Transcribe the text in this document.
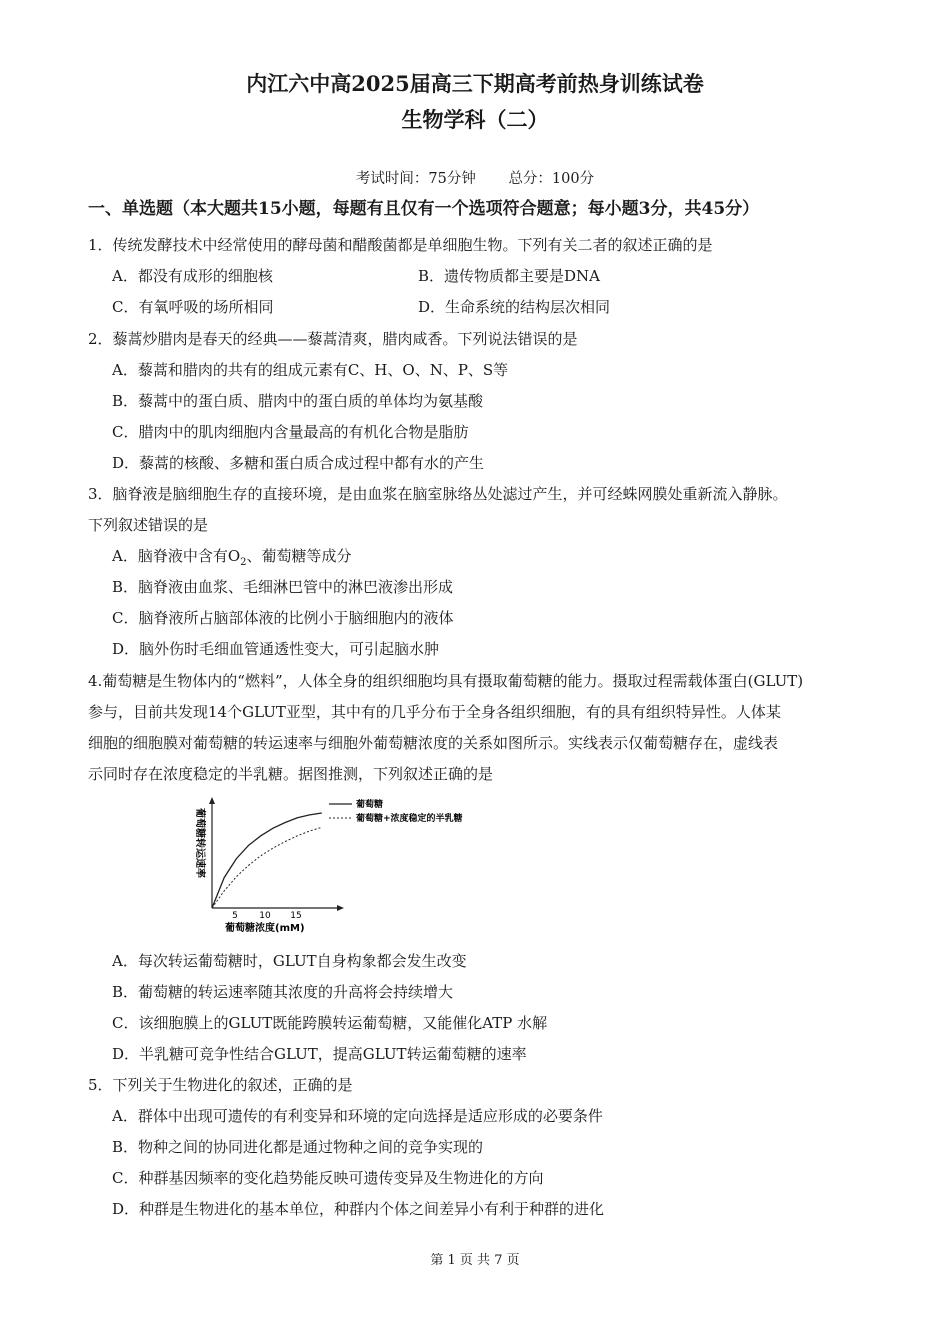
内江六中高2025届高三下期高考前热身训练试卷
生物学科（二）
考试时间：75分钟 总分：100分
一、单选题（本大题共15小题，每题有且仅有一个选项符合题意；每小题3分，共45分）
1．传统发酵技术中经常使用的酵母菌和醋酸菌都是单细胞生物。下列有关二者的叙述正确的是
A．都没有成形的细胞核	B．遗传物质都主要是DNA
C．有氧呼吸的场所相同	D．生命系统的结构层次相同
2．藜蒿炒腊肉是春天的经典——藜蒿清爽，腊肉咸香。下列说法错误的是
A．藜蒿和腊肉的共有的组成元素有C、H、O、N、P、S等
B．藜蒿中的蛋白质、腊肉中的蛋白质的单体均为氨基酸
C．腊肉中的肌肉细胞内含量最高的有机化合物是脂肪
D．藜蒿的核酸、多糖和蛋白质合成过程中都有水的产生
3．脑脊液是脑细胞生存的直接环境，是由血浆在脑室脉络丛处滤过产生，并可经蛛网膜处重新流入静脉。
下列叙述错误的是
A．脑脊液中含有$O_2$、葡萄糖等成分
B．脑脊液由血浆、毛细淋巴管中的淋巴液渗出形成
C．脑脊液所占脑部体液的比例小于脑细胞内的液体
D．脑外伤时毛细血管通透性变大，可引起脑水肿
4.葡萄糖是生物体内的“燃料”，人体全身的组织细胞均具有摄取葡萄糖的能力。摄取过程需载体蛋白(GLUT)
参与，目前共发现14个GLUT亚型，其中有的几乎分布于全身各组织细胞，有的具有组织特异性。人体某
细胞的细胞膜对葡萄糖的转运速率与细胞外葡萄糖浓度的关系如图所示。实线表示仅葡萄糖存在，虚线表
示同时存在浓度稳定的半乳糖。据图推测，下列叙述正确的是
葡萄糖转运速率
5 10 15
葡萄糖浓度(mM)
葡萄糖
葡萄糖+浓度稳定的半乳糖
A．每次转运葡萄糖时，GLUT自身构象都会发生改变
B．葡萄糖的转运速率随其浓度的升高将会持续增大
C．该细胞膜上的GLUT既能跨膜转运葡萄糖，又能催化ATP 水解
D．半乳糖可竞争性结合GLUT，提高GLUT转运葡萄糖的速率
5．下列关于生物进化的叙述，正确的是
A．群体中出现可遗传的有利变异和环境的定向选择是适应形成的必要条件
B．物种之间的协同进化都是通过物种之间的竞争实现的
C．种群基因频率的变化趋势能反映可遗传变异及生物进化的方向
D．种群是生物进化的基本单位，种群内个体之间差异小有利于种群的进化
第 1 页 共 7 页
